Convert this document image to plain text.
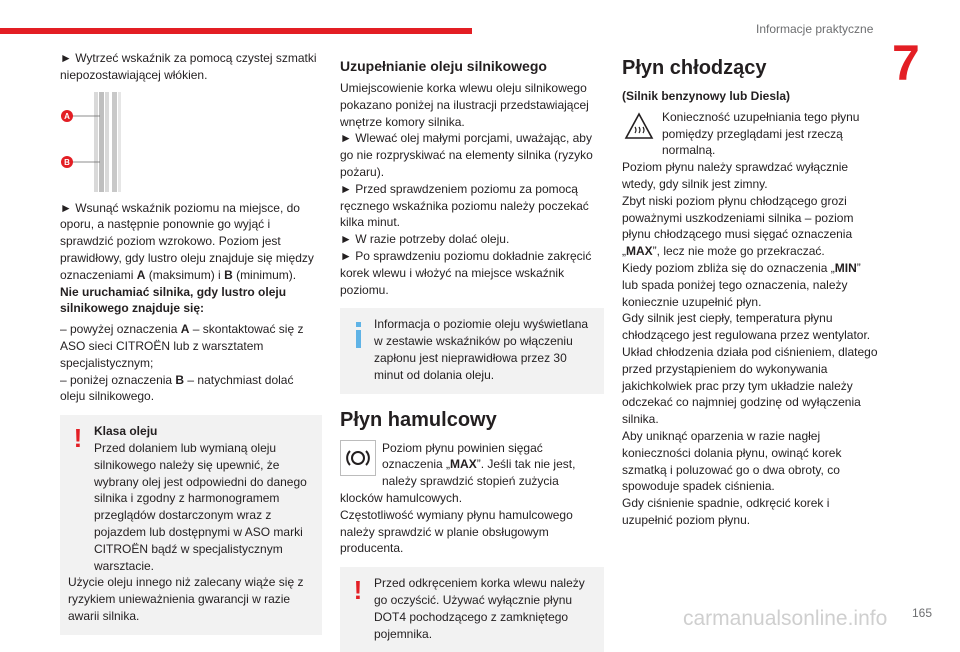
Informacje praktyczne
7

► Wytrzeć wskaźnik za pomocą czystej szmatki niepozostawiającej włókien.

A
B

► Wsunąć wskaźnik poziomu na miejsce, do oporu, a następnie ponownie go wyjąć i sprawdzić poziom wzrokowo. Poziom jest prawidłowy, gdy lustro oleju znajduje się między oznaczeniami A (maksimum) i B (minimum).

Nie uruchamiać silnika, gdy lustro oleju silnikowego znajduje się:

– powyżej oznaczenia A – skontaktować się z ASO sieci CITROËN lub z warsztatem specjalistycznym;

– poniżej oznaczenia B – natychmiast dolać oleju silnikowego.

! Klasa oleju

Przed dolaniem lub wymianą oleju silnikowego należy się upewnić, że wybrany olej jest odpowiedni do danego silnika i zgodny z harmonogramem przeglądów dostarczonym wraz z pojazdem lub dostępnymi w ASO marki CITROËN bądź w specjalistycznym warsztacie.

Użycie oleju innego niż zalecany wiąże się z ryzykiem unieważnienia gwarancji w razie awarii silnika.

Uzupełnianie oleju silnikowego

Umiejscowienie korka wlewu oleju silnikowego pokazano poniżej na ilustracji przedstawiającej wnętrze komory silnika.

► Wlewać olej małymi porcjami, uważając, aby go nie rozpryskiwać na elementy silnika (ryzyko pożaru).

► Przed sprawdzeniem poziomu za pomocą ręcznego wskaźnika poziomu należy poczekać kilka minut.

► W razie potrzeby dolać oleju.

► Po sprawdzeniu poziomu dokładnie zakręcić korek wlewu i włożyć na miejsce wskaźnik poziomu.

Informacja o poziomie oleju wyświetlana w zestawie wskaźników po włączeniu zapłonu jest nieprawidłowa przez 30 minut od dolania oleju.

Płyn hamulcowy

Poziom płynu powinien sięgać oznaczenia „MAX”. Jeśli tak nie jest, należy sprawdzić stopień zużycia klocków hamulcowych.

Częstotliwość wymiany płynu hamulcowego należy sprawdzić w planie obsługowym producenta.

! Przed odkręceniem korka wlewu należy go oczyścić. Używać wyłącznie płynu DOT4 pochodzącego z zamkniętego pojemnika.

Płyn chłodzący

(Silnik benzynowy lub Diesla)

Konieczność uzupełniania tego płynu pomiędzy przeglądami jest rzeczą normalną.

Poziom płynu należy sprawdzać wyłącznie wtedy, gdy silnik jest zimny.

Zbyt niski poziom płynu chłodzącego grozi poważnymi uszkodzeniami silnika – poziom płynu chłodzącego musi sięgać oznaczenia „MAX”, lecz nie może go przekraczać.

Kiedy poziom zbliża się do oznaczenia „MIN” lub spada poniżej tego oznaczenia, należy koniecznie uzupełnić płyn.

Gdy silnik jest ciepły, temperatura płynu chłodzącego jest regulowana przez wentylator. Układ chłodzenia działa pod ciśnieniem, dlatego przed przystąpieniem do wykonywania jakichkolwiek prac przy tym układzie należy odczekać co najmniej godzinę od wyłączenia silnika.

Aby uniknąć oparzenia w razie nagłej konieczności dolania płynu, owinąć korek szmatką i poluzować go o dwa obroty, co spowoduje spadek ciśnienia.

Gdy ciśnienie spadnie, odkręcić korek i uzupełnić poziom płynu.

carmanualsonline.info 165
